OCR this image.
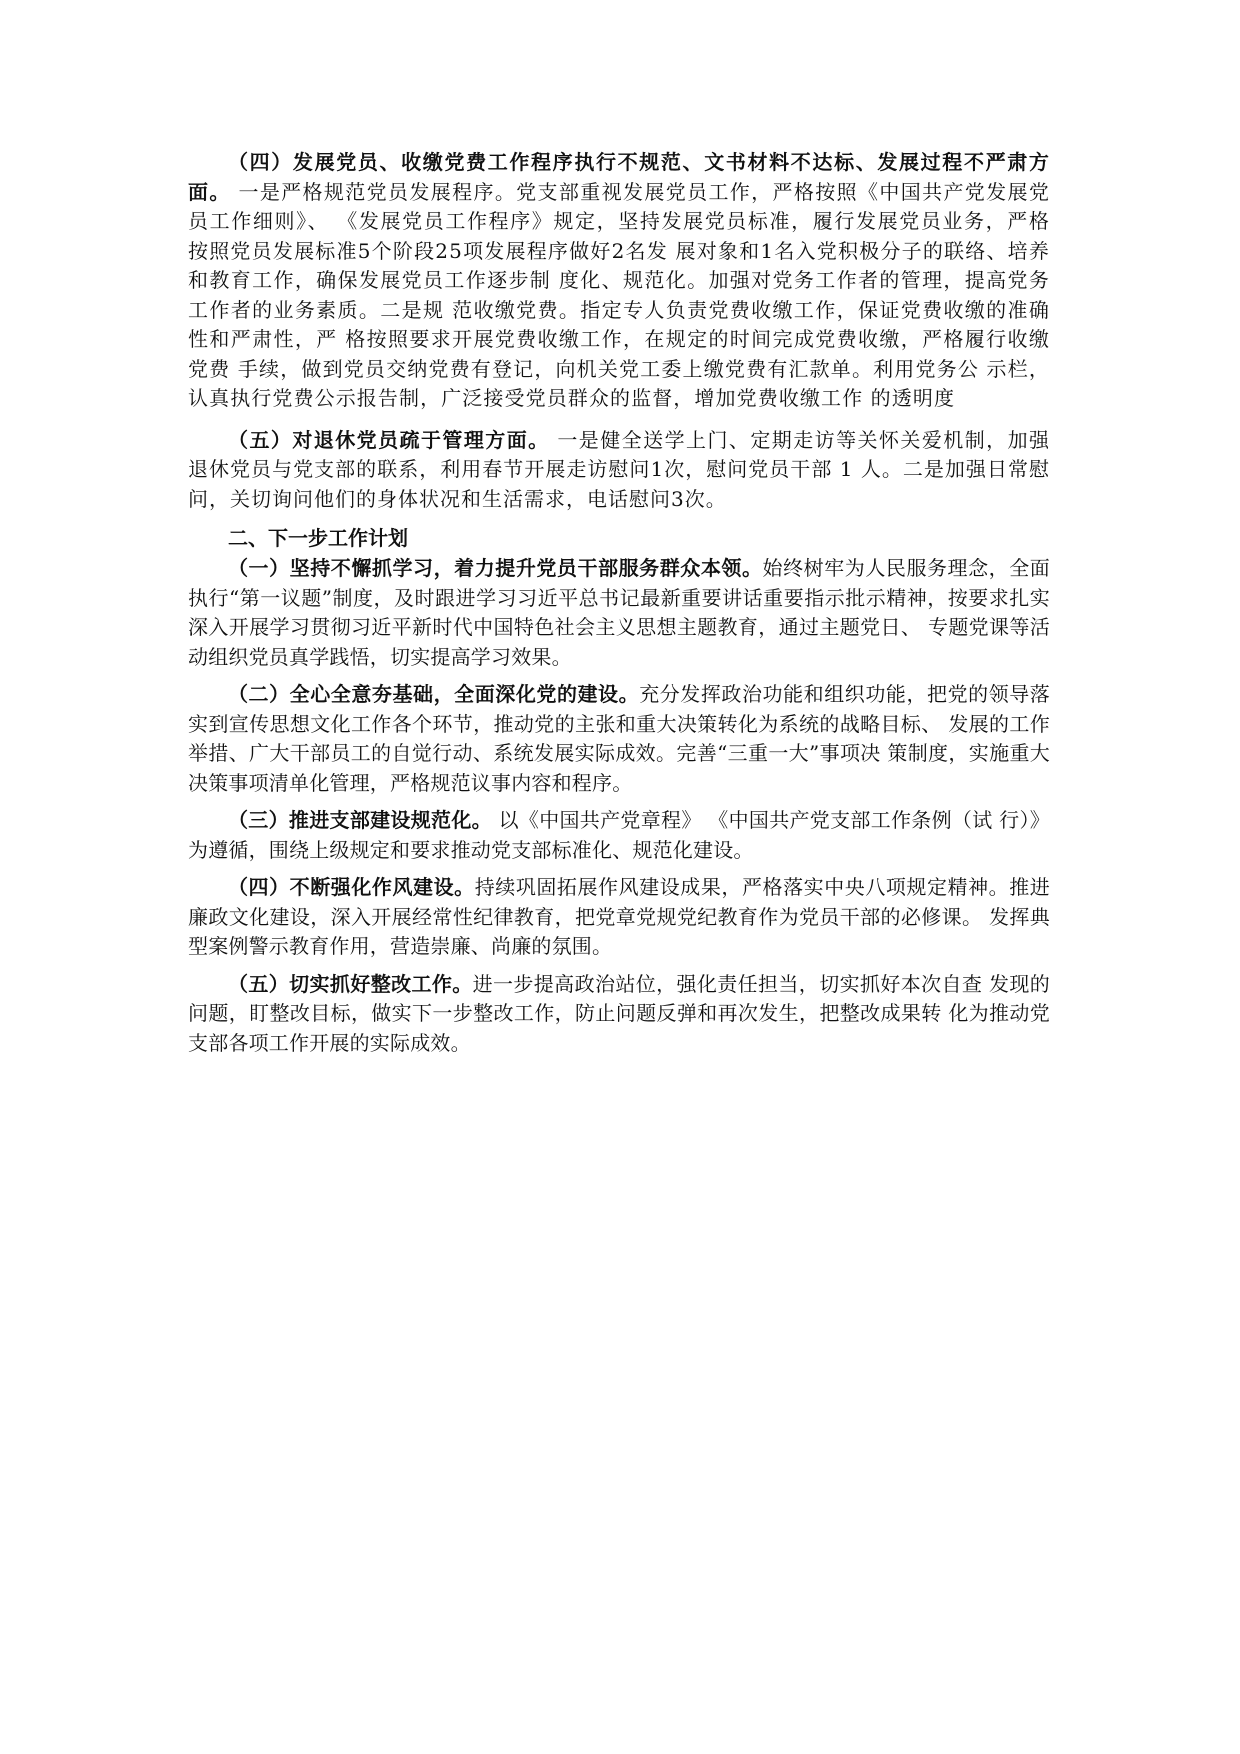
（四）发展党员、收缴党费工作程序执行不规范、文书材料不达标、发展过程不严肃方面。 一是严格规范党员发展程序。党支部重视发展党员工作，严格按照《中国共产党发展党员工作细则》、 《发展党员工作程序》规定，坚持发展党员标准，履行发展党员业务，严格按照党员发展标准5个阶段25项发展程序做好2名发 展对象和1名入党积极分子的联络、培养和教育工作，确保发展党员工作逐步制 度化、规范化。加强对党务工作者的管理，提高党务工作者的业务素质。二是规 范收缴党费。指定专人负责党费收缴工作，保证党费收缴的准确性和严肃性，严 格按照要求开展党费收缴工作，在规定的时间完成党费收缴，严格履行收缴党费 手续，做到党员交纳党费有登记，向机关党工委上缴党费有汇款单。利用党务公 示栏，认真执行党费公示报告制，广泛接受党员群众的监督，增加党费收缴工作 的透明度

（五）对退休党员疏于管理方面。 一是健全送学上门、定期走访等关怀关爱机制，加强退休党员与党支部的联系，利用春节开展走访慰问1次，慰问党员干部 1 人。二是加强日常慰问，关切询问他们的身体状况和生活需求，电话慰问3次。

二、下一步工作计划

（一）坚持不懈抓学习，着力提升党员干部服务群众本领。始终树牢为人民服务理念，全面执行“第一议题”制度，及时跟进学习习近平总书记最新重要讲话重要指示批示精神，按要求扎实深入开展学习贯彻习近平新时代中国特色社会主义思想主题教育，通过主题党日、 专题党课等活动组织党员真学践悟，切实提高学习效果。

（二）全心全意夯基础，全面深化党的建设。充分发挥政治功能和组织功能，把党的领导落实到宣传思想文化工作各个环节，推动党的主张和重大决策转化为系统的战略目标、 发展的工作举措、广大干部员工的自觉行动、系统发展实际成效。完善“三重一大”事项决 策制度，实施重大决策事项清单化管理，严格规范议事内容和程序。

（三）推进支部建设规范化。 以《中国共产党章程》 《中国共产党支部工作条例（试 行）》为遵循，围绕上级规定和要求推动党支部标准化、规范化建设。

（四）不断强化作风建设。持续巩固拓展作风建设成果，严格落实中央八项规定精神。推进廉政文化建设，深入开展经常性纪律教育，把党章党规党纪教育作为党员干部的必修课。 发挥典型案例警示教育作用，营造崇廉、尚廉的氛围。

（五）切实抓好整改工作。进一步提高政治站位，强化责任担当，切实抓好本次自查 发现的问题，盯整改目标，做实下一步整改工作，防止问题反弹和再次发生，把整改成果转 化为推动党支部各项工作开展的实际成效。
